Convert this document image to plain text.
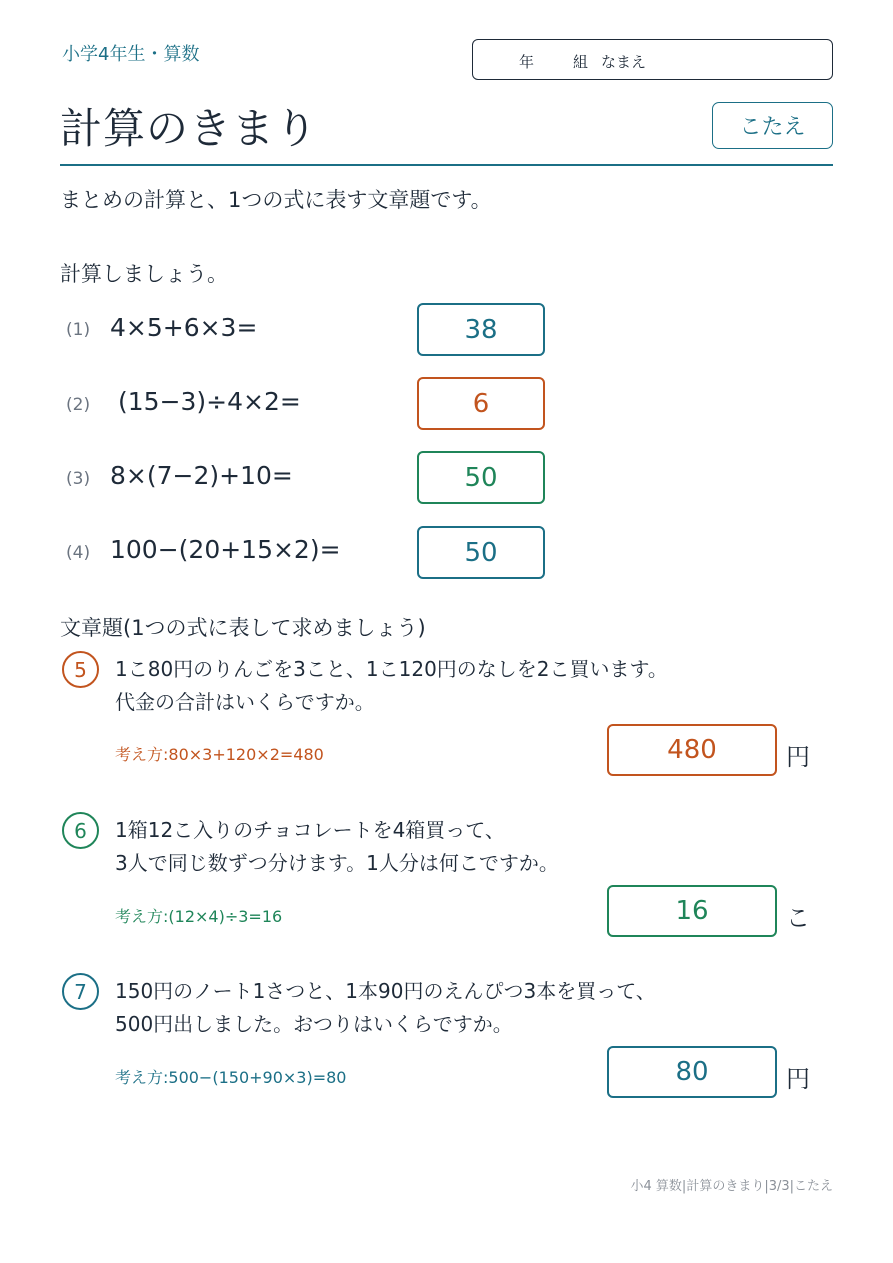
小学4年生・算数	年	組 なまえ
計算のきまり	こたえ
まとめの計算と、1つの式に表す文章題です。
計算しましょう。
(1) 4×5+6×3=	38
(2) (15−3)÷4×2=	6
(3) 8×(7−2)+10=	50
(4) 100−(20+15×2)=	50
文章題(1つの式に表して求めましょう)
5	1こ80円のりんごを3こと、1こ120円のなしを2こ買います。
代金の合計はいくらですか。
考え方:80×3+120×2=480	480	円
6	1箱12こ入りのチョコレートを4箱買って、
3人で同じ数ずつ分けます。1人分は何こですか。
考え方:(12×4)÷3=16	16	こ
7	150円のノート1さつと、1本90円のえんぴつ3本を買って、
500円出しました。おつりはいくらですか。
考え方:500−(150+90×3)=80	80	円
小4 算数|計算のきまり|3/3|こたえ
